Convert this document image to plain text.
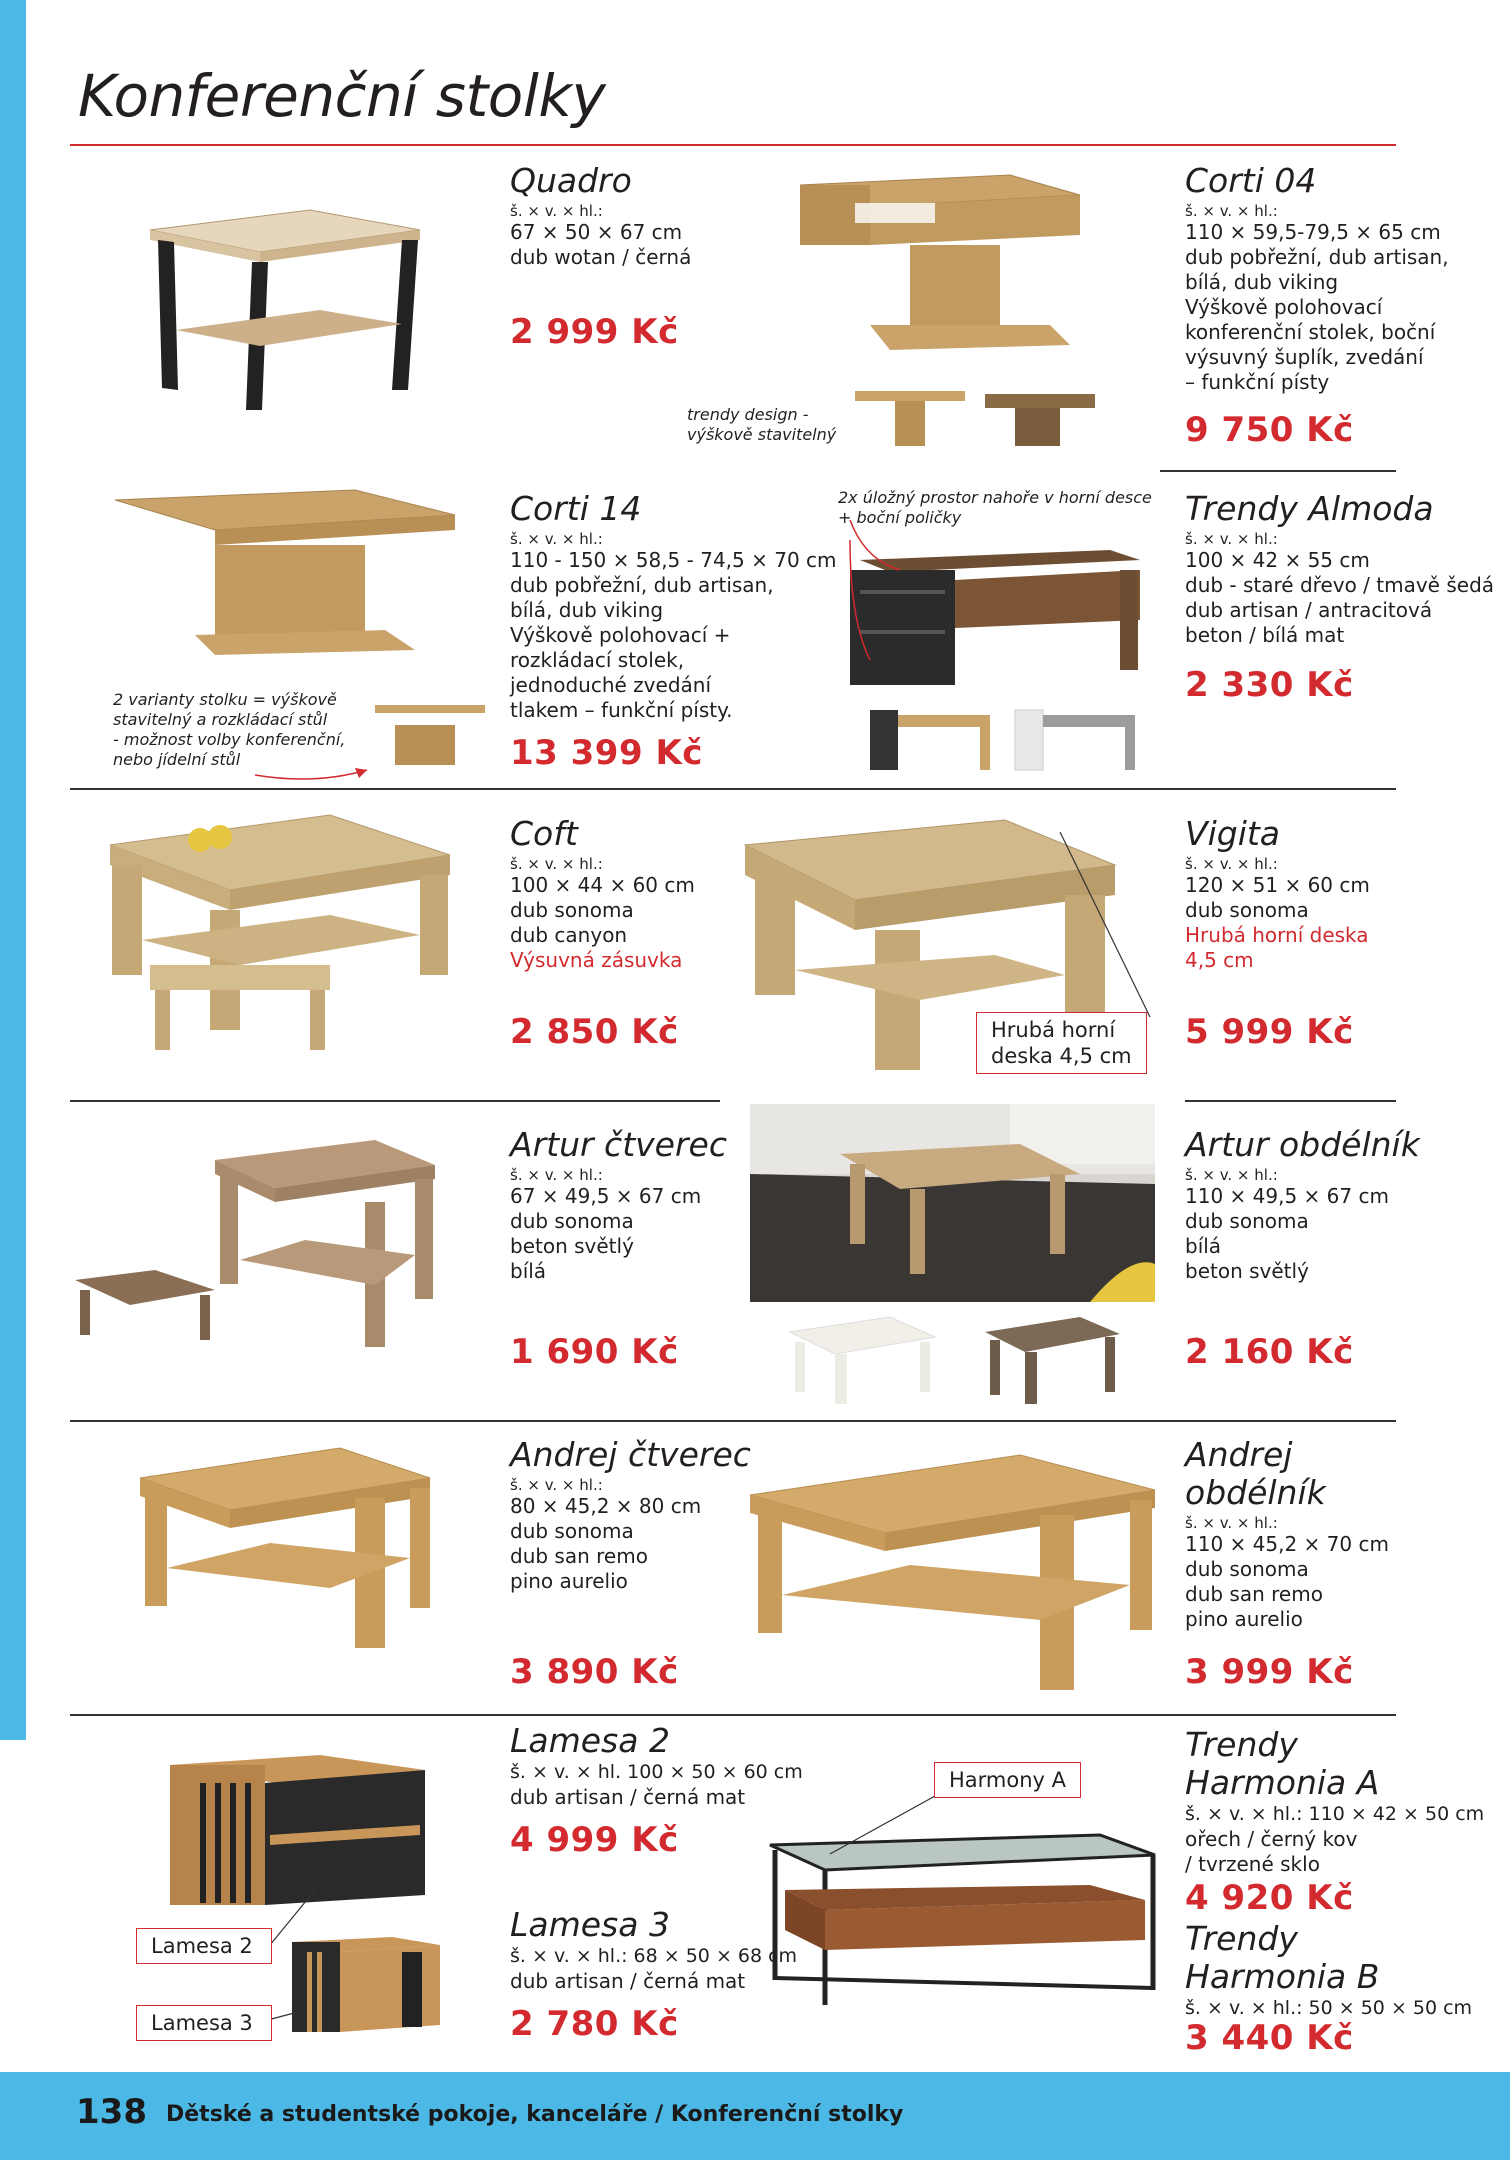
Konferenční stolky
Quadro
š. × v. × hl.:
67 × 50 × 67 cm
dub wotan / černá
2 999 Kč
trendy design -
výškově stavitelný
Corti 04
š. × v. × hl.:
110 × 59,5-79,5 × 65 cm
dub pobřežní, dub artisan,
bílá, dub viking
Výškově polohovací
konferenční stolek, boční
výsuvný šuplík, zvedání
– funkční písty
9 750 Kč
2 varianty stolku = výškově
stavitelný a rozkládací stůl
- možnost volby konferenční,
nebo jídelní stůl
Corti 14
š. × v. × hl.:
110 - 150 × 58,5 - 74,5 × 70 cm
dub pobřežní, dub artisan,
bílá, dub viking
Výškově polohovací +
rozkládací stolek,
jednoduché zvedání
tlakem – funkční písty.
13 399 Kč
2x úložný prostor nahoře v horní desce
+ boční poličky	Trendy Almoda
š. × v. × hl.:
100 × 42 × 55 cm
dub - staré dřevo / tmavě šedá
dub artisan / antracitová
beton / bílá mat
2 330 Kč
Coft
š. × v. × hl.:
100 × 44 × 60 cm
dub sonoma
dub canyon
Výsuvná zásuvka
2 850 Kč	Hrubá horní
deska 4,5 cm
Vigita
š. × v. × hl.:
120 × 51 × 60 cm
dub sonoma
Hrubá horní deska
4,5 cm
5 999 Kč
Artur čtverec
š. × v. × hl.:
67 × 49,5 × 67 cm
dub sonoma
beton světlý
bílá
1 690 Kč
Artur obdélník
š. × v. × hl.:
110 × 49,5 × 67 cm
dub sonoma
bílá
beton světlý
2 160 Kč
Andrej čtverec
š. × v. × hl.:
80 × 45,2 × 80 cm
dub sonoma
dub san remo
pino aurelio
3 890 Kč
Andrej
obdélník
š. × v. × hl.:
110 × 45,2 × 70 cm
dub sonoma
dub san remo
pino aurelio
3 999 Kč
Lamesa 2
Lamesa 3
Lamesa 2
š. × v. × hl. 100 × 50 × 60 cm
dub artisan / černá mat
4 999 Kč
Lamesa 3
š. × v. × hl.: 68 × 50 × 68 cm
dub artisan / černá mat
2 780 Kč
Harmony A
Trendy
Harmonia A
š. × v. × hl.: 110 × 42 × 50 cm
ořech / černý kov
/ tvrzené sklo
4 920 Kč
Trendy
Harmonia B
š. × v. × hl.: 50 × 50 × 50 cm
3 440 Kč
138 Dětské a studentské pokoje, kanceláře / Konferenční stolky
